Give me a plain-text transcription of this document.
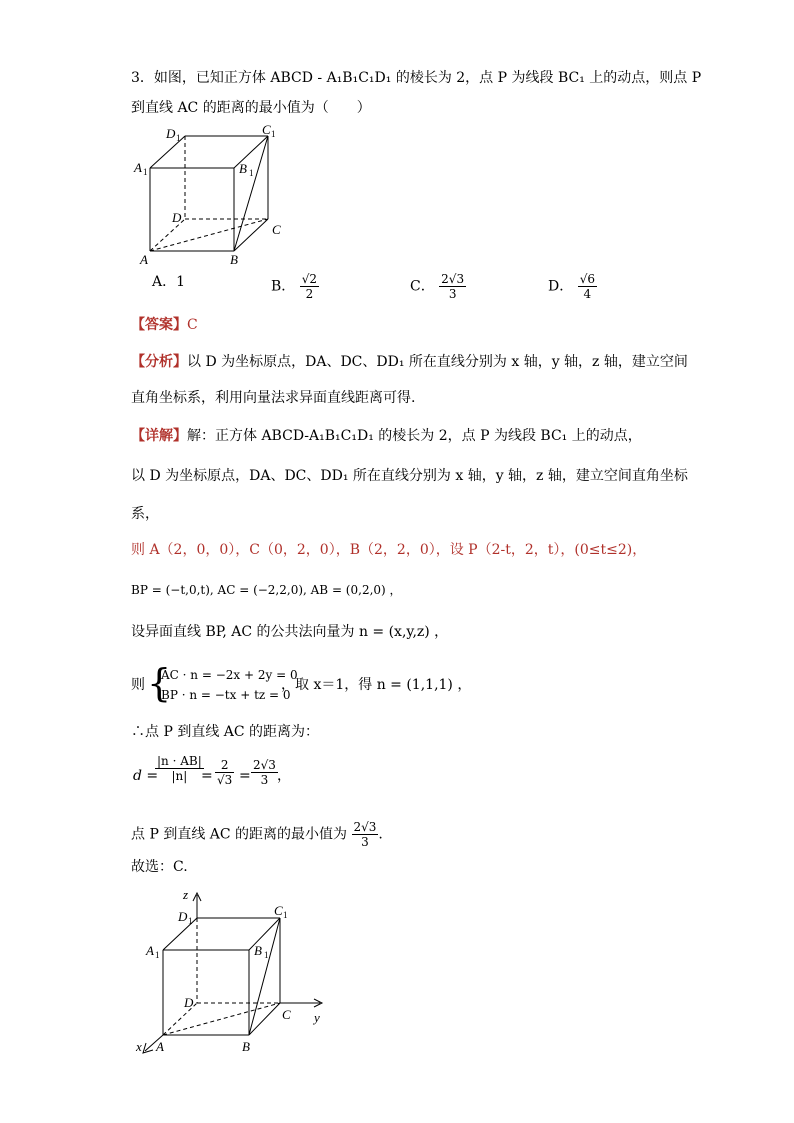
3．如图，已知正方体 ABCD - A₁B₁C₁D₁ 的棱长为 2，点 P 为线段 BC₁ 上的动点，则点 P
到直线 AC 的距离的最小值为（　　）
D 1
C 1
A 1	B 1
D
C
A	B
A．1	B． $\frac{√2}{2}$	C． $\frac{2√3}{3}$	D． $\frac{√6}{4}$
【答案】C
【分析】以 D 为坐标原点，DA、DC、DD₁ 所在直线分别为 x 轴，y 轴，z 轴，建立空间
直角坐标系，利用向量法求异面直线距离可得.
【详解】解：正方体 ABCD-A₁B₁C₁D₁ 的棱长为 2，点 P 为线段 BC₁ 上的动点，
以 D 为坐标原点，DA、DC、DD₁ 所在直线分别为 x 轴，y 轴，z 轴，建立空间直角坐标
系，
则 A（2，0，0），C（0，2，0），B（2，2，0），设 P（2-t，2，t），(0≤t≤2)，
BP = (−t,0,t), AC = (−2,2,0), AB = (0,2,0) ，
设异面直线 BP, AC 的公共法向量为 n = (x,y,z) ，
则 {
AC · n = −2x + 2y = 0
BP · n = −tx + tz = 0
，取 x＝1，得 n = (1,1,1) ，
∴点 P 到直线 AC 的距离为：
d =
$\frac{|n \cdot AB|}{|n|}$
= $\frac{2}{√3} = \frac{2√3}{3}$ ，
点 P 到直线 AC 的距离的最小值为 $\frac{2√3}{3}$ .
故选：C.
z
y
x
D 1
C 1
A 1	B 1
D
C
A	B
